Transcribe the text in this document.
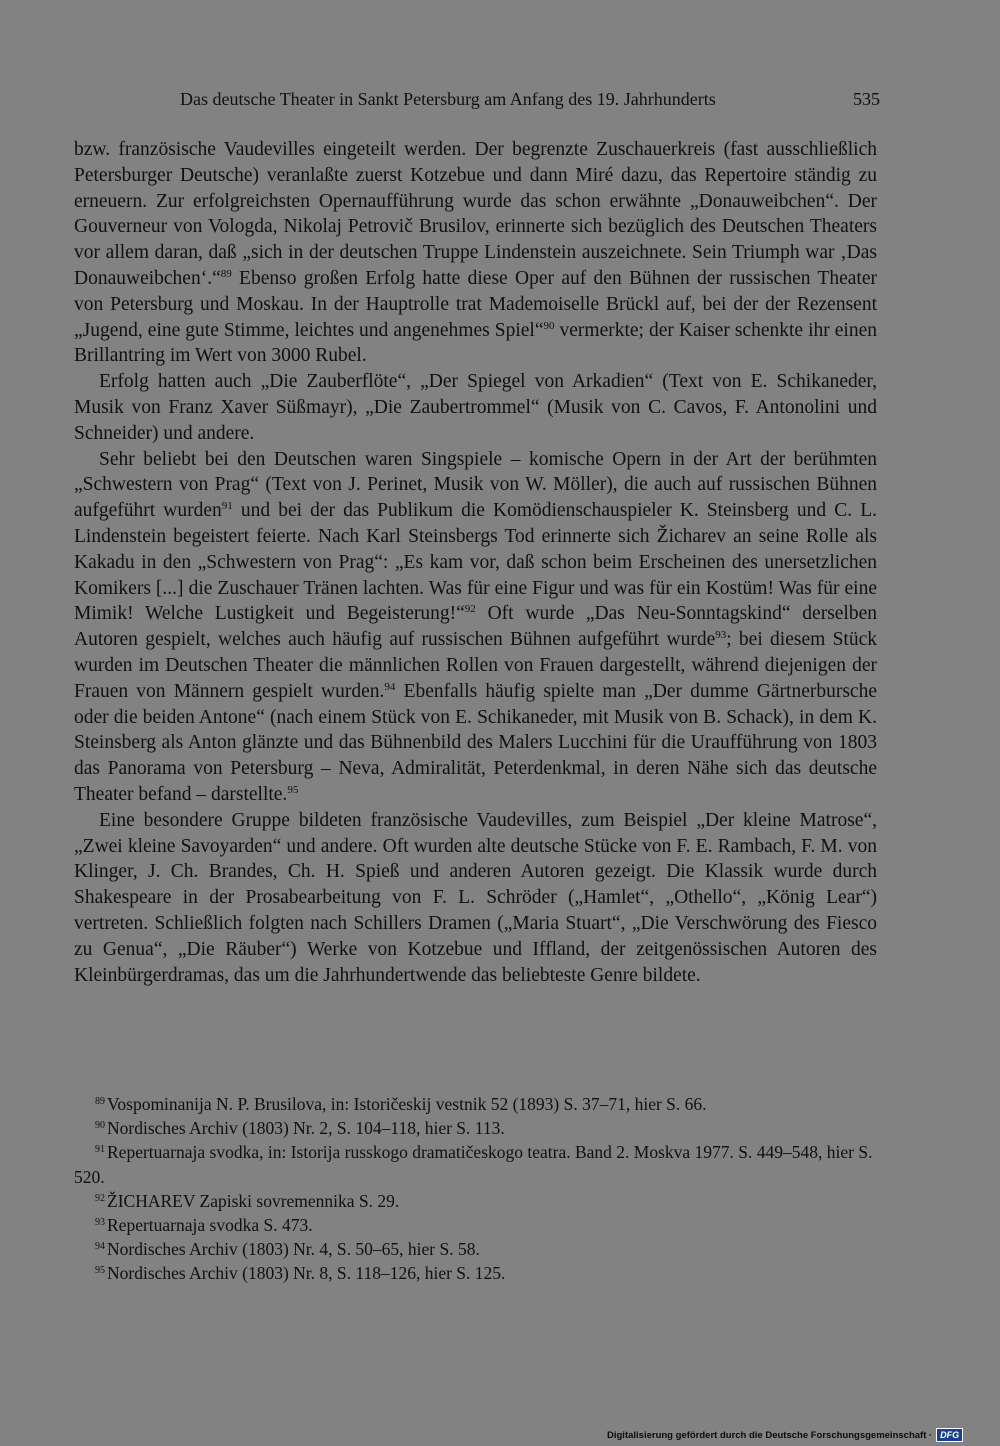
Das deutsche Theater in Sankt Petersburg am Anfang des 19. Jahrhunderts	535

bzw. französische Vaudevilles eingeteilt werden. Der begrenzte Zuschauerkreis (fast ausschließlich Petersburger Deutsche) veranlaßte zuerst Kotzebue und dann Miré dazu, das Repertoire ständig zu erneuern. Zur erfolgreichsten Opernaufführung wurde das schon erwähnte „Donauweibchen“. Der Gouverneur von Vologda, Nikolaj Petrovič Brusilov, erinnerte sich bezüglich des Deutschen Theaters vor allem daran, daß „sich in der deutschen Truppe Lindenstein auszeichnete. Sein Triumph war ‚Das Donauweibchen‘.“$^{89}$ Ebenso großen Erfolg hatte diese Oper auf den Bühnen der russischen Theater von Petersburg und Moskau. In der Hauptrolle trat Mademoiselle Brückl auf, bei der der Rezensent „Jugend, eine gute Stimme, leichtes und angenehmes Spiel“$^{90}$ vermerkte; der Kaiser schenkte ihr einen Brillantring im Wert von 3000 Rubel.

Erfolg hatten auch „Die Zauberflöte“, „Der Spiegel von Arkadien“ (Text von E. Schikaneder, Musik von Franz Xaver Süßmayr), „Die Zaubertrommel“ (Musik von C. Cavos, F. Antonolini und Schneider) und andere.

Sehr beliebt bei den Deutschen waren Singspiele – komische Opern in der Art der berühmten „Schwestern von Prag“ (Text von J. Perinet, Musik von W. Möller), die auch auf russischen Bühnen aufgeführt wurden$^{91}$ und bei der das Publikum die Komödienschauspieler K. Steinsberg und C. L. Lindenstein begeistert feierte. Nach Karl Steinsbergs Tod erinnerte sich Žicharev an seine Rolle als Kakadu in den „Schwestern von Prag“: „Es kam vor, daß schon beim Erscheinen des unersetzlichen Komikers [...] die Zuschauer Tränen lachten. Was für eine Figur und was für ein Kostüm! Was für eine Mimik! Welche Lustigkeit und Begeisterung!“$^{92}$ Oft wurde „Das Neu-Sonntagskind“ derselben Autoren gespielt, welches auch häufig auf russischen Bühnen aufgeführt wurde$^{93}$; bei diesem Stück wurden im Deutschen Theater die männlichen Rollen von Frauen dargestellt, während diejenigen der Frauen von Männern gespielt wurden.$^{94}$ Ebenfalls häufig spielte man „Der dumme Gärtnerbursche oder die beiden Antone“ (nach einem Stück von E. Schikaneder, mit Musik von B. Schack), in dem K. Steinsberg als Anton glänzte und das Bühnenbild des Malers Lucchini für die Uraufführung von 1803 das Panorama von Petersburg – Neva, Admiralität, Peterdenkmal, in deren Nähe sich das deutsche Theater befand – darstellte.$^{95}$

Eine besondere Gruppe bildeten französische Vaudevilles, zum Beispiel „Der kleine Matrose“, „Zwei kleine Savoyarden“ und andere. Oft wurden alte deutsche Stücke von F. E. Rambach, F. M. von Klinger, J. Ch. Brandes, Ch. H. Spieß und anderen Autoren gezeigt. Die Klassik wurde durch Shakespeare in der Prosabearbeitung von F. L. Schröder („Hamlet“, „Othello“, „König Lear“) vertreten. Schließlich folgten nach Schillers Dramen („Maria Stuart“, „Die Verschwörung des Fiesco zu Genua“, „Die Räuber“) Werke von Kotzebue und Iffland, der zeitgenössischen Autoren des Kleinbürgerdramas, das um die Jahrhundertwende das beliebteste Genre bildete.

$^{89}$ Vospominanija N. P. Brusilova, in: Istoričeskij vestnik 52 (1893) S. 37–71, hier S. 66.

$^{90}$ Nordisches Archiv (1803) Nr. 2, S. 104–118, hier S. 113.

$^{91}$ Repertuarnaja svodka, in: Istorija russkogo dramatičeskogo teatra. Band 2. Moskva 1977. S. 449–548, hier S. 520.

$^{92}$ ŽICHAREV Zapiski sovremennika S. 29.

$^{93}$ Repertuarnaja svodka S. 473.

$^{94}$ Nordisches Archiv (1803) Nr. 4, S. 50–65, hier S. 58.

$^{95}$ Nordisches Archiv (1803) Nr. 8, S. 118–126, hier S. 125.

Digitalisierung gefördert durch die Deutsche Forschungsgemeinschaft · DFG
